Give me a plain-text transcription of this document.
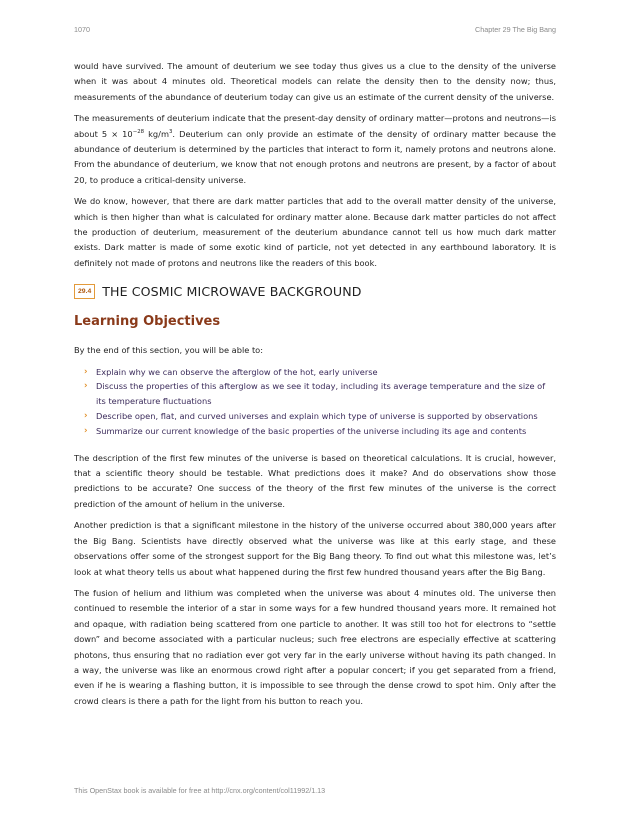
1070	Chapter 29 The Big Bang

would have survived. The amount of deuterium we see today thus gives us a clue to the density of the universe when it was about 4 minutes old. Theoretical models can relate the density then to the density now; thus, measurements of the abundance of deuterium today can give us an estimate of the current density of the universe.

The measurements of deuterium indicate that the present-day density of ordinary matter—protons and neutrons—is about $5 \times 10^{-28}$ $kg/m^3$. Deuterium can only provide an estimate of the density of ordinary matter because the abundance of deuterium is determined by the particles that interact to form it, namely protons and neutrons alone. From the abundance of deuterium, we know that not enough protons and neutrons are present, by a factor of about 20, to produce a critical-density universe.

We do know, however, that there are dark matter particles that add to the overall matter density of the universe, which is then higher than what is calculated for ordinary matter alone. Because dark matter particles do not affect the production of deuterium, measurement of the deuterium abundance cannot tell us how much dark matter exists. Dark matter is made of some exotic kind of particle, not yet detected in any earthbound laboratory. It is definitely not made of protons and neutrons like the readers of this book.

29.4 THE COSMIC MICROWAVE BACKGROUND
Learning Objectives

By the end of this section, you will be able to:

› Explain why we can observe the afterglow of the hot, early universe
› Discuss the properties of this afterglow as we see it today, including its average temperature and the size of its temperature fluctuations
› Describe open, flat, and curved universes and explain which type of universe is supported by observations
› Summarize our current knowledge of the basic properties of the universe including its age and contents

The description of the first few minutes of the universe is based on theoretical calculations. It is crucial, however, that a scientific theory should be testable. What predictions does it make? And do observations show those predictions to be accurate? One success of the theory of the first few minutes of the universe is the correct prediction of the amount of helium in the universe.

Another prediction is that a significant milestone in the history of the universe occurred about 380,000 years after the Big Bang. Scientists have directly observed what the universe was like at this early stage, and these observations offer some of the strongest support for the Big Bang theory. To find out what this milestone was, let’s look at what theory tells us about what happened during the first few hundred thousand years after the Big Bang.

The fusion of helium and lithium was completed when the universe was about 4 minutes old. The universe then continued to resemble the interior of a star in some ways for a few hundred thousand years more. It remained hot and opaque, with radiation being scattered from one particle to another. It was still too hot for electrons to “settle down” and become associated with a particular nucleus; such free electrons are especially effective at scattering photons, thus ensuring that no radiation ever got very far in the early universe without having its path changed. In a way, the universe was like an enormous crowd right after a popular concert; if you get separated from a friend, even if he is wearing a flashing button, it is impossible to see through the dense crowd to spot him. Only after the crowd clears is there a path for the light from his button to reach you.

This OpenStax book is available for free at http://cnx.org/content/col11992/1.13
